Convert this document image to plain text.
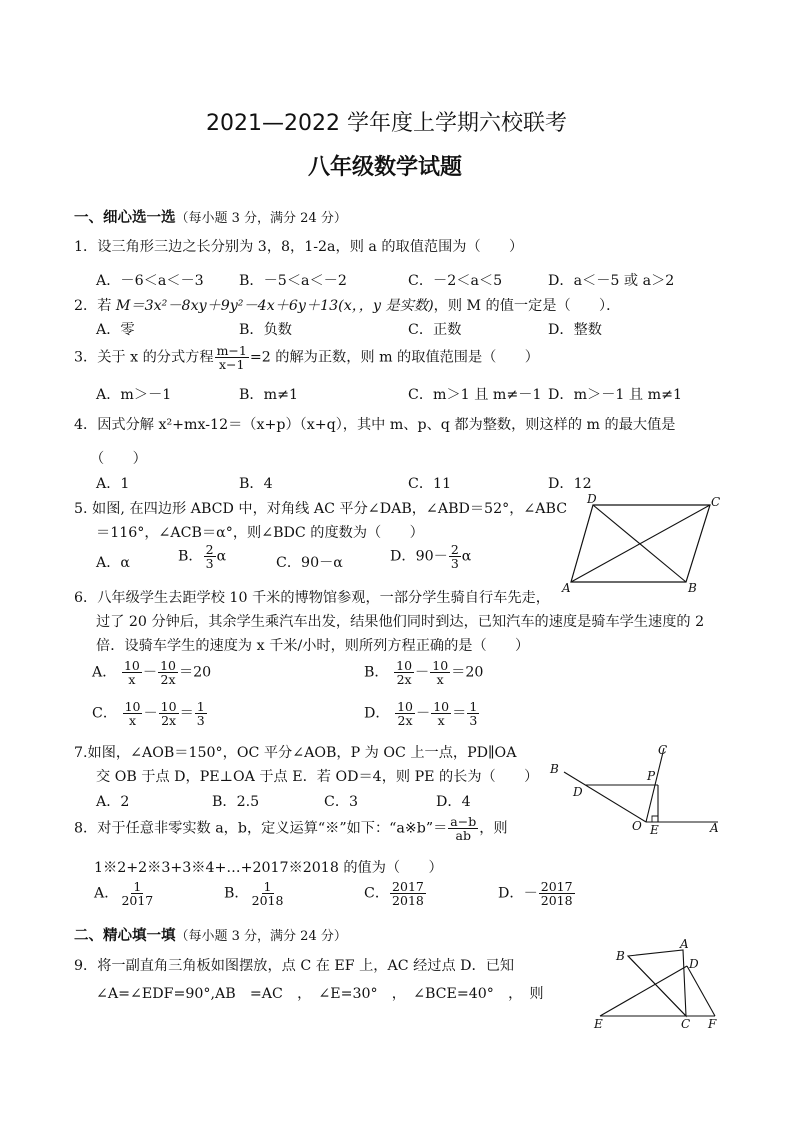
2021—2022 学年度上学期六校联考
八年级数学试题
一、细心选一选（每小题 3 分，满分 24 分）
1．设三角形三边之长分别为 3，8，1-2a，则 a 的取值范围为（　　）
A．－6＜a＜－3 B．－5＜a＜－2	C．－2＜a＜5	D．a＜－5 或 a＞2
2．若 M＝3x²－8xy＋9y²－4x＋6y＋13(x，，y 是实数)，则 M 的值一定是（　　）．
A．零	B．负数	C．正数	D．整数
3．关于 x 的分式方程 $\frac{m-1}{x-1} =2$ 的解为正数，则 m 的取值范围是（　　）
A．m＞－1	B．m≠1	C．m＞1 且 m≠－1 D．m＞－1 且 m≠1
4．因式分解 x²+mx-12＝（x+p）（x+q），其中 m、p、q 都为整数，则这样的 m 的最大值是
（　　）
A．1	B．4	C．11	D．12
5. 如图, 在四边形 ABCD 中，对角线 AC 平分∠DAB，∠ABD＝52°，∠ABC
＝116°，∠ACB＝α°，则∠BDC 的度数为（　　）
A．α	B． $\frac{2}{3}$ α	C．90－α	D．$90- \frac{2}{3}$ α
D	C
A	B
6．八年级学生去距学校 10 千米的博物馆参观，一部分学生骑自行车先走，
过了 20 分钟后，其余学生乘汽车出发，结果他们同时到达，已知汽车的速度是骑车学生速度的 2
倍．设骑车学生的速度为 x 千米/小时，则所列方程正确的是（　　）
A． $\frac{10}{x} - \frac{10}{2x} =20$	B． $\frac{10}{2x} - \frac{10}{x} =20$
C． $\frac{10}{x} - \frac{10}{2x} = \frac{1}{3}$	D． $\frac{10}{2x} - \frac{10}{x} = \frac{1}{3}$
7.如图，∠AOB＝150°，OC 平分∠AOB，P 为 OC 上一点，PD∥OA
交 OB 于点 D，PE⊥OA 于点 E．若 OD＝4，则 PE 的长为（　　）
A．2	B．2.5	C．3	D．4
C
B	P
D
O E	A
8．对于任意非零实数 a，b，定义运算“※”如下：“a※b”＝ $\frac{a-b}{ab}$ ，则
1※2+2※3+3※4+…+2017※2018 的值为（　　）
A． $\frac{1}{2017}$	B． $\frac{1}{2018}$	C． $\frac{2017}{2018}$	D．－ $\frac{2017}{2018}$
二、精心填一填（每小题 3 分，满分 24 分）
9．将一副直角三角板如图摆放，点 C 在 EF 上，AC 经过点 D．已知
∠A=∠EDF=90°,AB　=AC　，　∠E=30°　，　∠BCE=40°　，　则
A
B
D
E	C F
